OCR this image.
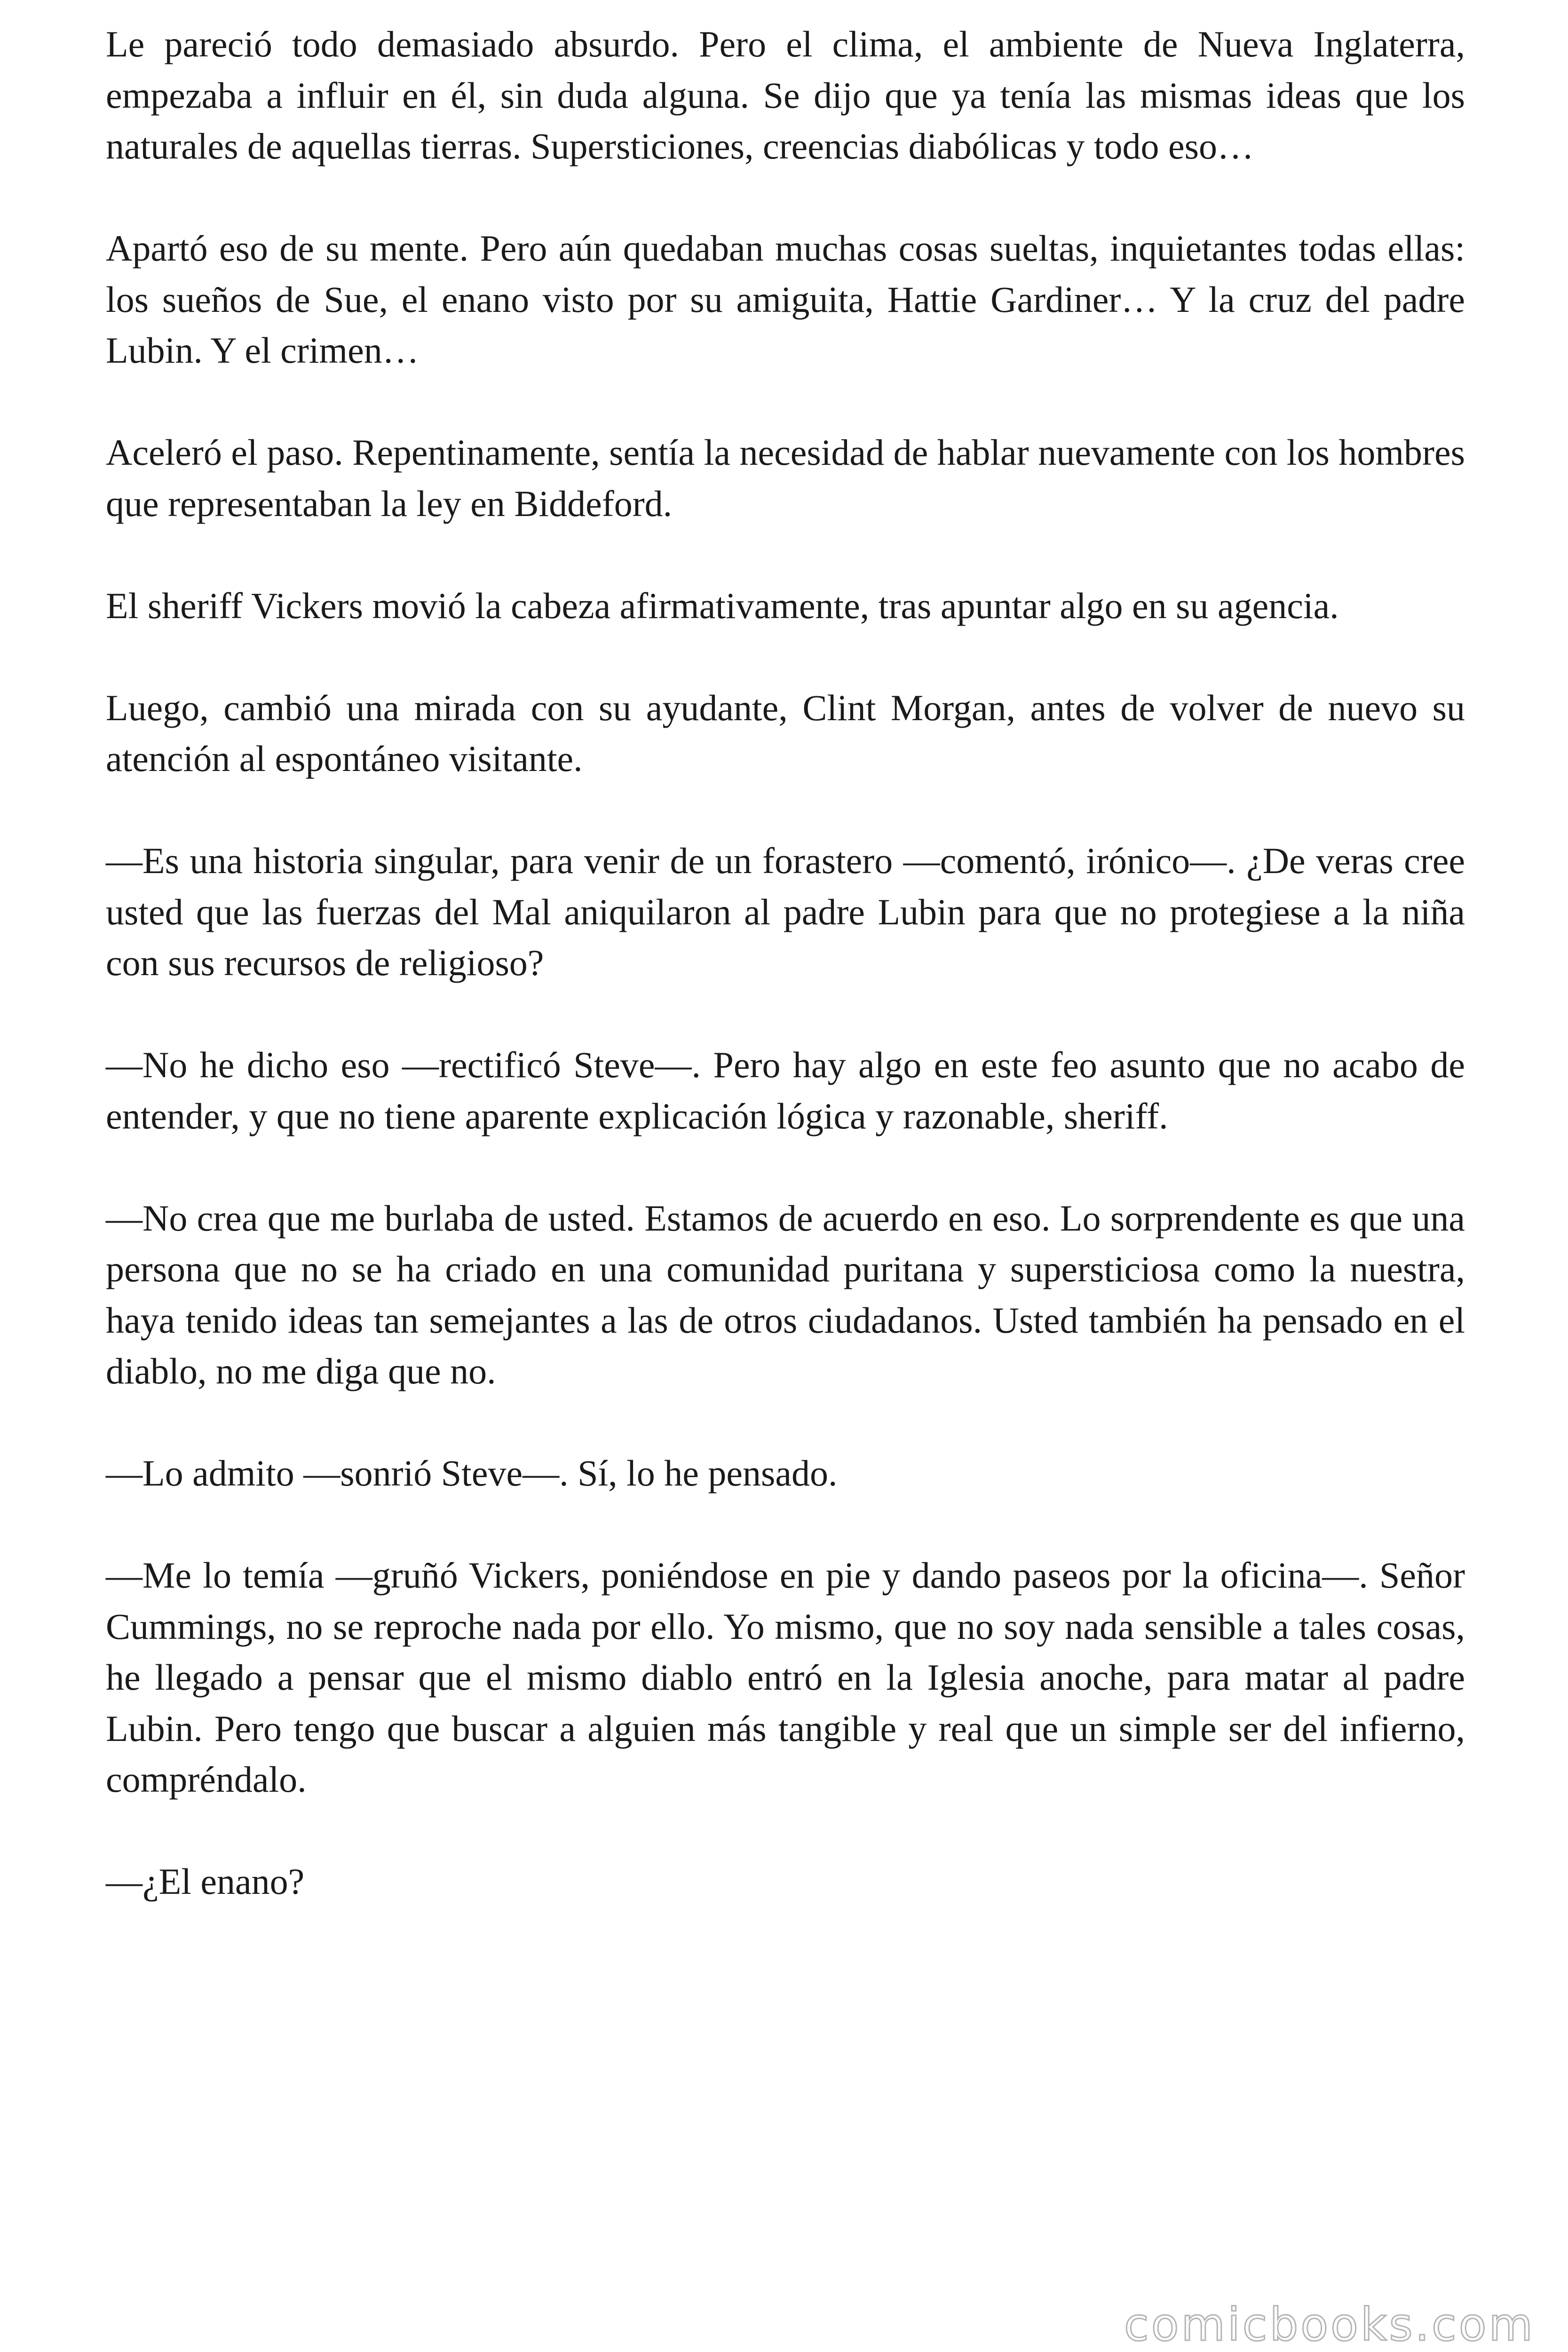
Le pareció todo demasiado absurdo. Pero el clima, el ambiente de Nueva Inglaterra, empezaba a influir en él, sin duda alguna. Se dijo que ya tenía las mismas ideas que los naturales de aquellas tierras. Supersticiones, creencias diabólicas y todo eso…

Apartó eso de su mente. Pero aún quedaban muchas cosas sueltas, inquietantes todas ellas: los sueños de Sue, el enano visto por su amiguita, Hattie Gardiner… Y la cruz del padre Lubin. Y el crimen…

Aceleró el paso. Repentinamente, sentía la necesidad de hablar nuevamente con los hombres que representaban la ley en Biddeford.

El sheriff Vickers movió la cabeza afirmativamente, tras apuntar algo en su agencia.

Luego, cambió una mirada con su ayudante, Clint Morgan, antes de volver de nuevo su atención al espontáneo visitante.

—Es una historia singular, para venir de un forastero —comentó, irónico—. ¿De veras cree usted que las fuerzas del Mal aniquilaron al padre Lubin para que no protegiese a la niña con sus recursos de religioso?

—No he dicho eso —rectificó Steve—. Pero hay algo en este feo asunto que no acabo de entender, y que no tiene aparente explicación lógica y razonable, sheriff.

—No crea que me burlaba de usted. Estamos de acuerdo en eso. Lo sorprendente es que una persona que no se ha criado en una comunidad puritana y supersticiosa como la nuestra, haya tenido ideas tan semejantes a las de otros ciudadanos. Usted también ha pensado en el diablo, no me diga que no.

—Lo admito —sonrió Steve—. Sí, lo he pensado.

—Me lo temía —gruñó Vickers, poniéndose en pie y dando paseos por la oficina—. Señor Cummings, no se reproche nada por ello. Yo mismo, que no soy nada sensible a tales cosas, he llegado a pensar que el mismo diablo entró en la Iglesia anoche, para matar al padre Lubin. Pero tengo que buscar a alguien más tangible y real que un simple ser del infierno, compréndalo.

—¿El enano?

comicbooks.com
